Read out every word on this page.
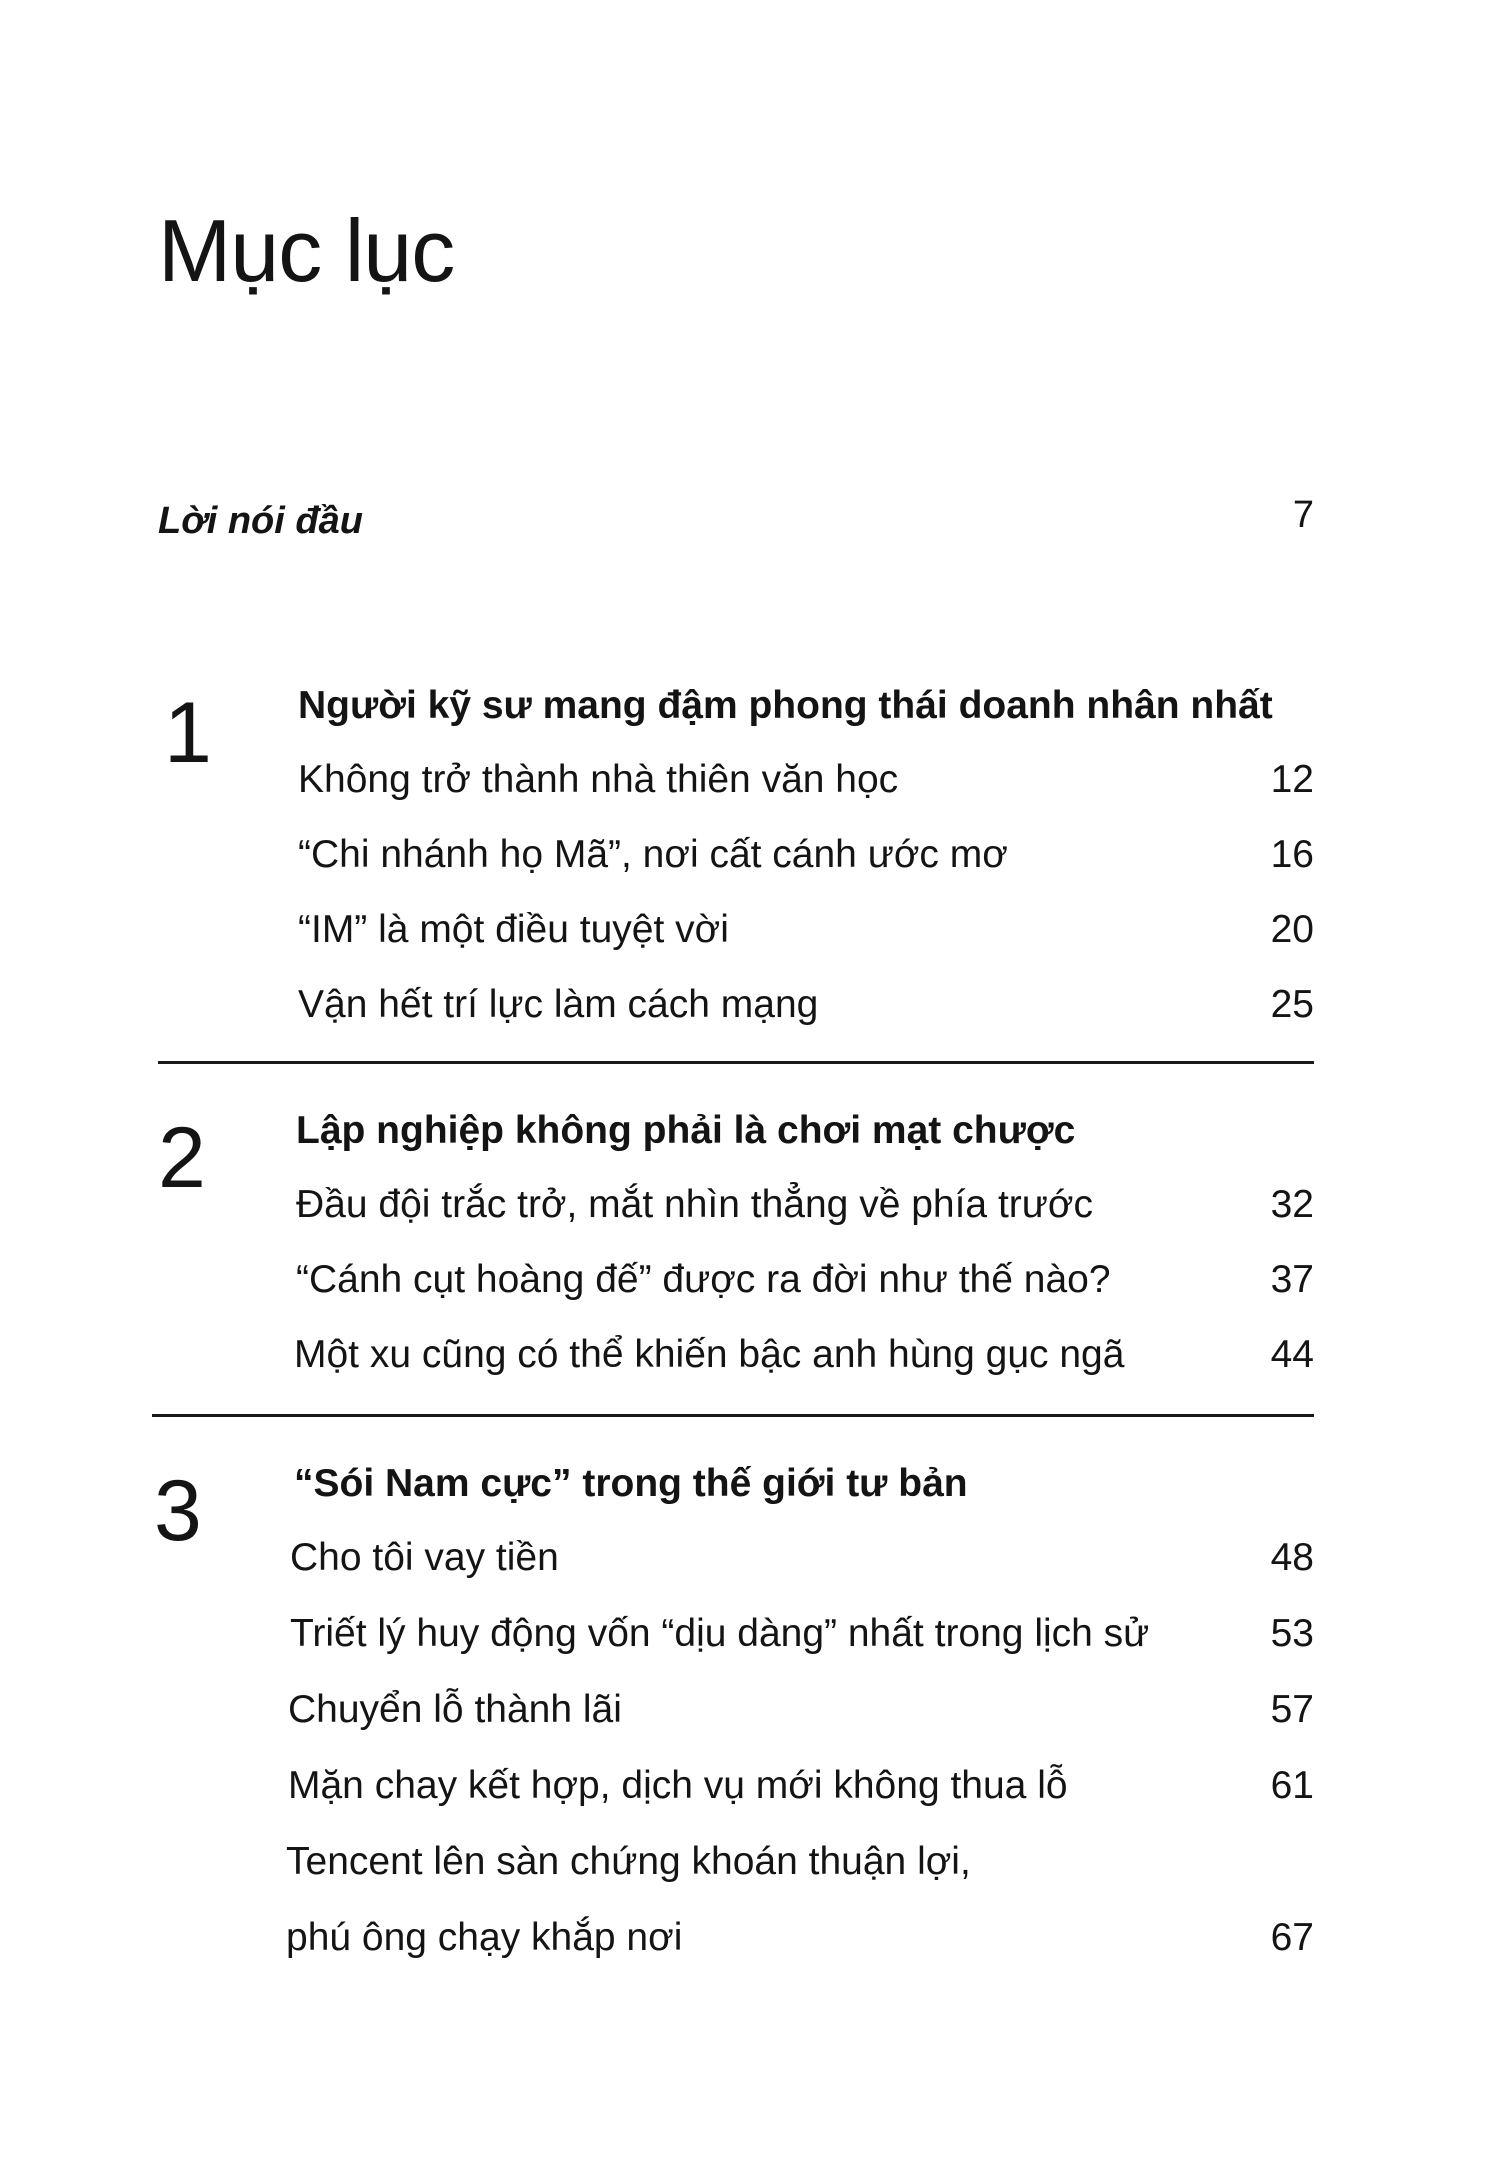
Mục lục
Lời nói đầu	7
1 Người kỹ sư mang đậm phong thái doanh nhân nhất
Không trở thành nhà thiên văn học	12
“Chi nhánh họ Mã”, nơi cất cánh ước mơ	16
“IM” là một điều tuyệt vời	20
Vận hết trí lực làm cách mạng	25
2 Lập nghiệp không phải là chơi mạt chược
Đầu đội trắc trở, mắt nhìn thẳng về phía trước	32
“Cánh cụt hoàng đế” được ra đời như thế nào?	37
Một xu cũng có thể khiến bậc anh hùng gục ngã	44
3 “Sói Nam cực” trong thế giới tư bản
Cho tôi vay tiền	48
Triết lý huy động vốn “dịu dàng” nhất trong lịch sử	53
Chuyển lỗ thành lãi	57
Mặn chay kết hợp, dịch vụ mới không thua lỗ	61
Tencent lên sàn chứng khoán thuận lợi,
phú ông chạy khắp nơi	67
